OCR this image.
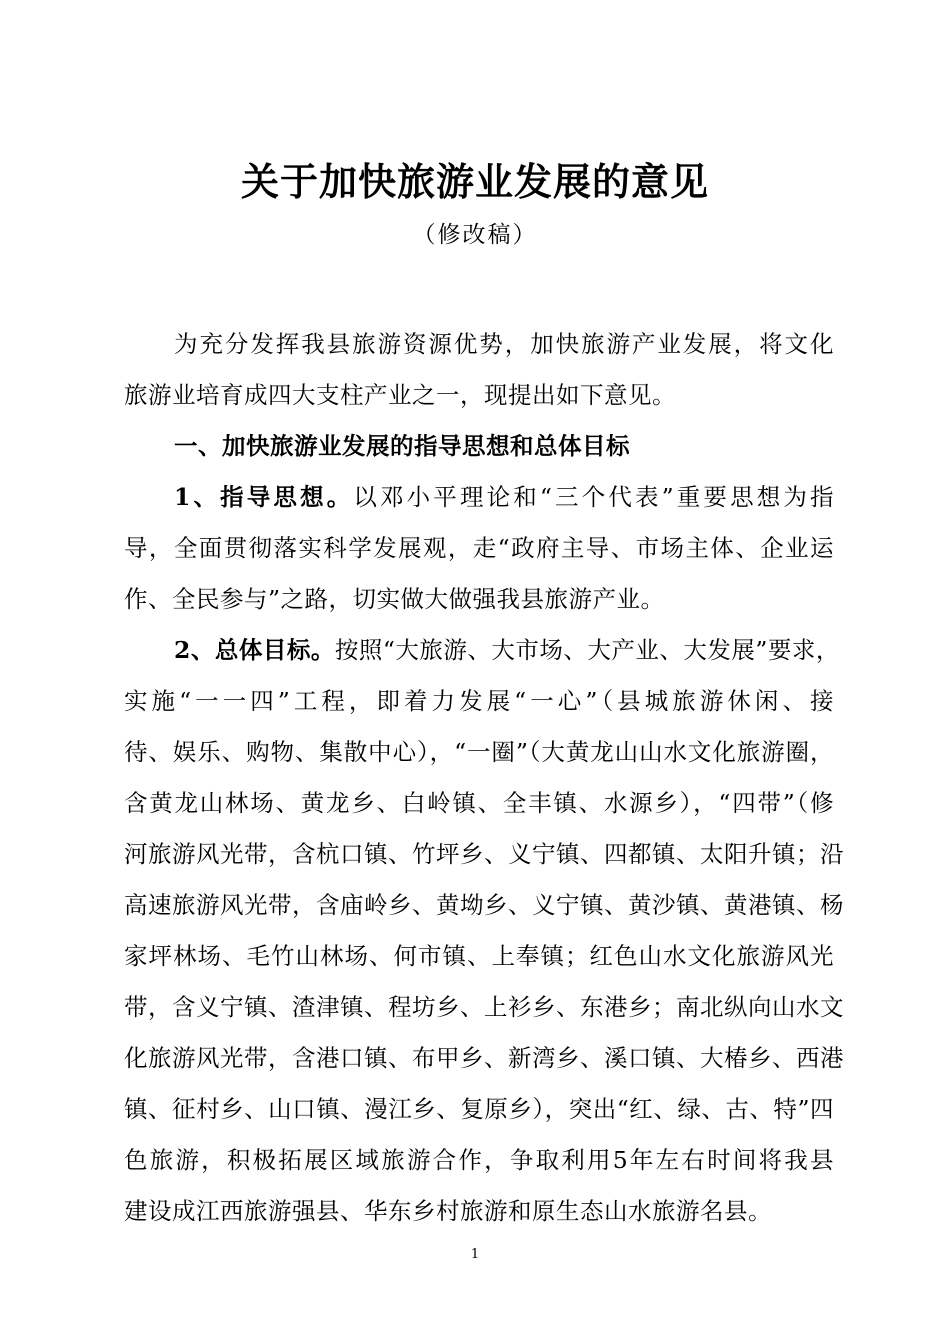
关于加快旅游业发展的意见
（修改稿）
为充分发挥我县旅游资源优势，加快旅游产业发展，将文化
旅游业培育成四大支柱产业之一，现提出如下意见。
一、加快旅游业发展的指导思想和总体目标
1、指导思想。以邓小平理论和“三个代表”重要思想为指
导，全面贯彻落实科学发展观，走“政府主导、市场主体、企业运
作、全民参与”之路，切实做大做强我县旅游产业。
2、总体目标。按照“大旅游、大市场、大产业、大发展”要求，
实施“一一四”工程，即着力发展“一心”（县城旅游休闲、接
待、娱乐、购物、集散中心），“一圈”（大黄龙山山水文化旅游圈，
含黄龙山林场、黄龙乡、白岭镇、全丰镇、水源乡），“四带”（修
河旅游风光带，含杭口镇、竹坪乡、义宁镇、四都镇、太阳升镇；沿
高速旅游风光带，含庙岭乡、黄坳乡、义宁镇、黄沙镇、黄港镇、杨
家坪林场、毛竹山林场、何市镇、上奉镇；红色山水文化旅游风光
带，含义宁镇、渣津镇、程坊乡、上衫乡、东港乡；南北纵向山水文
化旅游风光带，含港口镇、布甲乡、新湾乡、溪口镇、大椿乡、西港
镇、征村乡、山口镇、漫江乡、复原乡），突出“红、绿、古、特”四
色旅游，积极拓展区域旅游合作，争取利用5年左右时间将我县
建设成江西旅游强县、华东乡村旅游和原生态山水旅游名县。
1
